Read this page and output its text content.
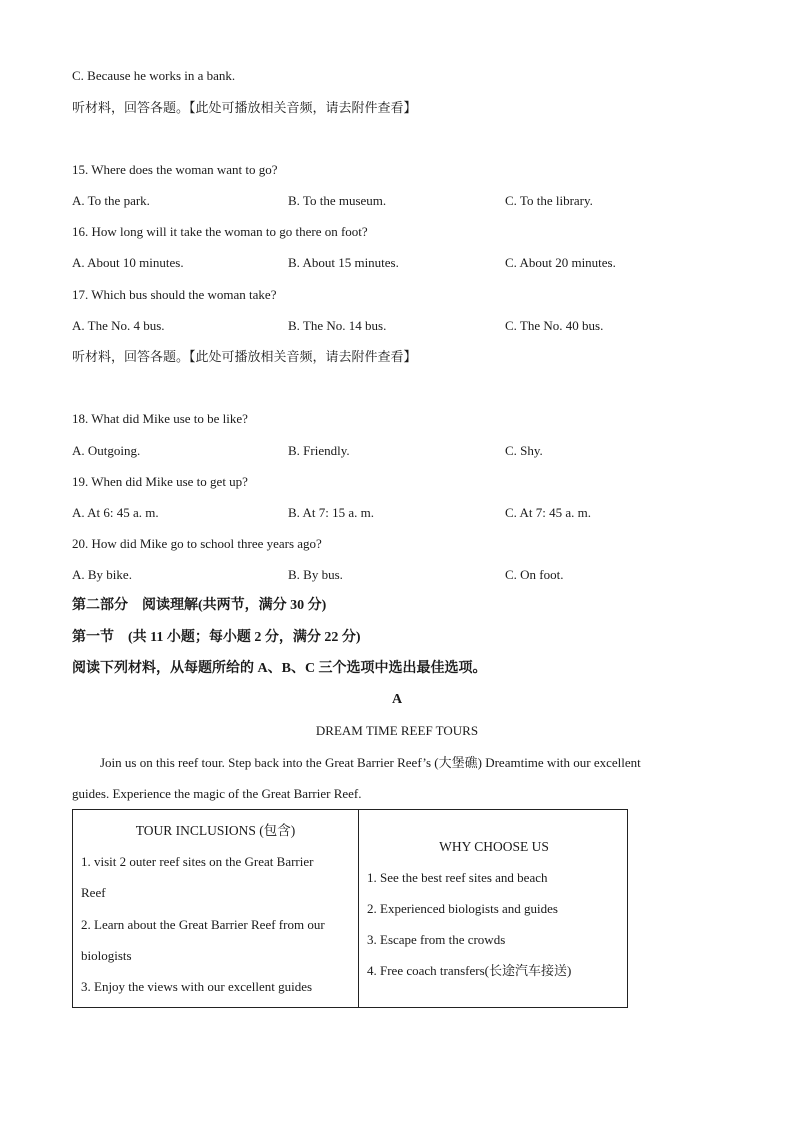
C. Because he works in a bank.
听材料，回答各题。【此处可播放相关音频，请去附件查看】
15. Where does the woman want to go?
A. To the park.	B. To the museum.	C. To the library.
16. How long will it take the woman to go there on foot?
A. About 10 minutes.	B. About 15 minutes.	C. About 20 minutes.
17. Which bus should the woman take?
A. The No. 4 bus.	B. The No. 14 bus.	C. The No. 40 bus.
听材料，回答各题。【此处可播放相关音频，请去附件查看】
18. What did Mike use to be like?
A. Outgoing.	B. Friendly.	C. Shy.
19. When did Mike use to get up?
A. At 6: 45 a. m.	B. At 7: 15 a. m.	C. At 7: 45 a. m.
20. How did Mike go to school three years ago?
A. By bike.	B. By bus.	C. On foot.
第二部分　阅读理解(共两节，满分 30 分)
第一节　(共 11 小题；每小题 2 分，满分 22 分)
阅读下列材料，从每题所给的 A、B、C 三个选项中选出最佳选项。
A
DREAM TIME REEF TOURS
Join us on this reef tour. Step back into the Great Barrier Reef’s (大堡礁) Dreamtime with our excellent
guides. Experience the magic of the Great Barrier Reef.
TOUR INCLUSIONS (包含)
1. visit 2 outer reef sites on the Great Barrier
Reef
2. Learn about the Great Barrier Reef from our
biologists
3. Enjoy the views with our excellent guides

WHY CHOOSE US
1. See the best reef sites and beach
2. Experienced biologists and guides
3. Escape from the crowds
4. Free coach transfers(长途汽车接送)
